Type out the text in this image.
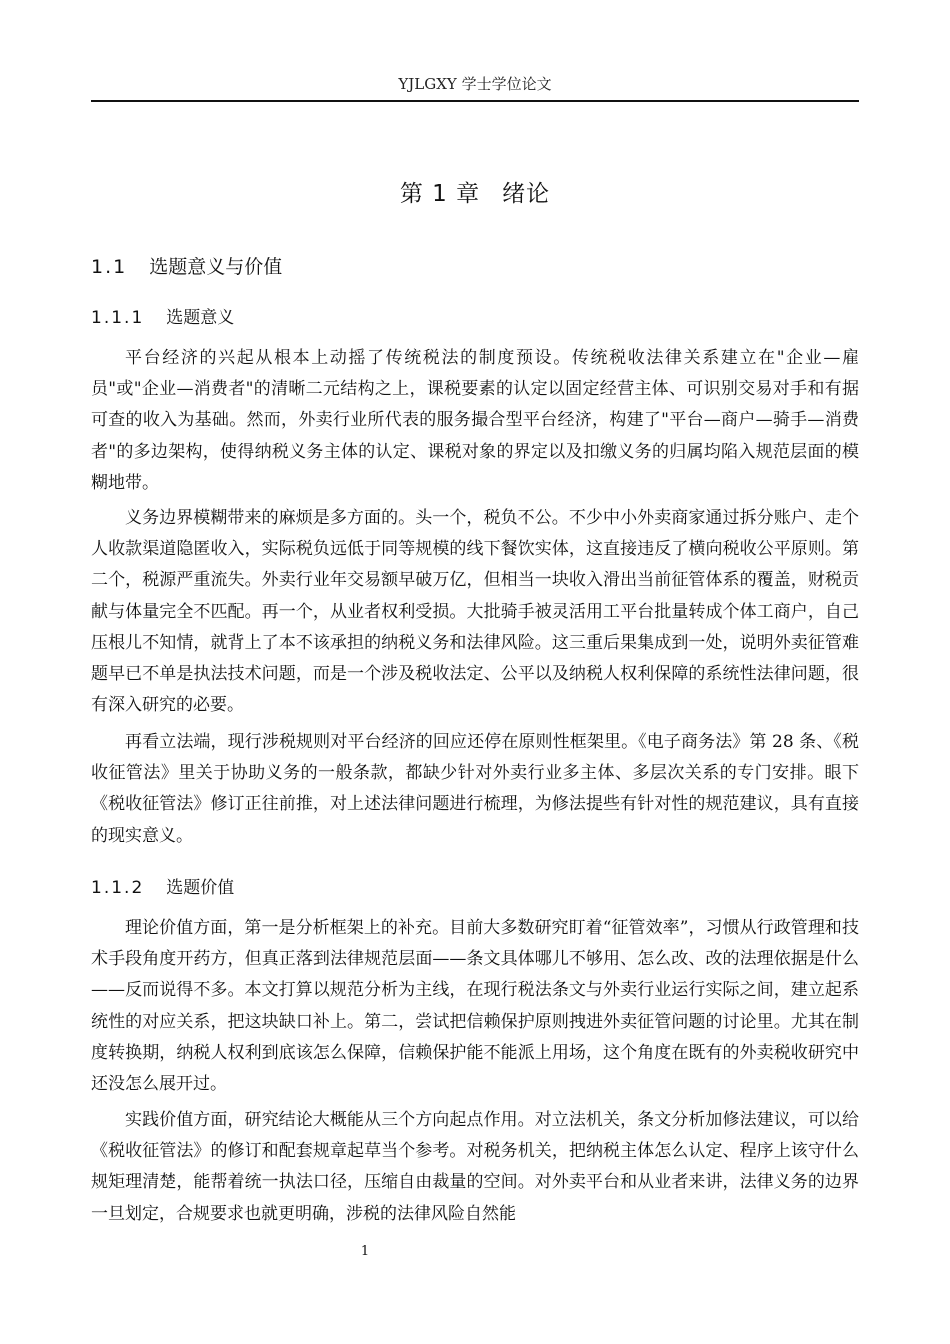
YJLGXY 学士学位论文
第 1 章 绪论
1.1 选题意义与价值
1.1.1 选题意义

平台经济的兴起从根本上动摇了传统税法的制度预设。传统税收法律关系建立在"企业—雇员"或"企业—消费者"的清晰二元结构之上，课税要素的认定以固定经营主体、可识别交易对手和有据可查的收入为基础。然而，外卖行业所代表的服务撮合型平台经济，构建了"平台—商户—骑手—消费者"的多边架构，使得纳税义务主体的认定、课税对象的界定以及扣缴义务的归属均陷入规范层面的模糊地带。

义务边界模糊带来的麻烦是多方面的。头一个，税负不公。不少中小外卖商家通过拆分账户、走个人收款渠道隐匿收入，实际税负远低于同等规模的线下餐饮实体，这直接违反了横向税收公平原则。第二个，税源严重流失。外卖行业年交易额早破万亿，但相当一块收入滑出当前征管体系的覆盖，财税贡献与体量完全不匹配。再一个，从业者权利受损。大批骑手被灵活用工平台批量转成个体工商户，自己压根儿不知情，就背上了本不该承担的纳税义务和法律风险。这三重后果集成到一处，说明外卖征管难题早已不单是执法技术问题，而是一个涉及税收法定、公平以及纳税人权利保障的系统性法律问题，很有深入研究的必要。

再看立法端，现行涉税规则对平台经济的回应还停在原则性框架里。《电子商务法》第 28 条、《税收征管法》里关于协助义务的一般条款，都缺少针对外卖行业多主体、多层次关系的专门安排。眼下《税收征管法》修订正往前推，对上述法律问题进行梳理，为修法提些有针对性的规范建议，具有直接的现实意义。

1.1.2 选题价值

理论价值方面，第一是分析框架上的补充。目前大多数研究盯着“征管效率”，习惯从行政管理和技术手段角度开药方，但真正落到法律规范层面——条文具体哪儿不够用、怎么改、改的法理依据是什么——反而说得不多。本文打算以规范分析为主线，在现行税法条文与外卖行业运行实际之间，建立起系统性的对应关系，把这块缺口补上。第二，尝试把信赖保护原则拽进外卖征管问题的讨论里。尤其在制度转换期，纳税人权利到底该怎么保障，信赖保护能不能派上用场，这个角度在既有的外卖税收研究中还没怎么展开过。

实践价值方面，研究结论大概能从三个方向起点作用。对立法机关，条文分析加修法建议，可以给《税收征管法》的修订和配套规章起草当个参考。对税务机关，把纳税主体怎么认定、程序上该守什么规矩理清楚，能帮着统一执法口径，压缩自由裁量的空间。对外卖平台和从业者来讲，法律义务的边界一旦划定，合规要求也就更明确，涉税的法律风险自然能

1
